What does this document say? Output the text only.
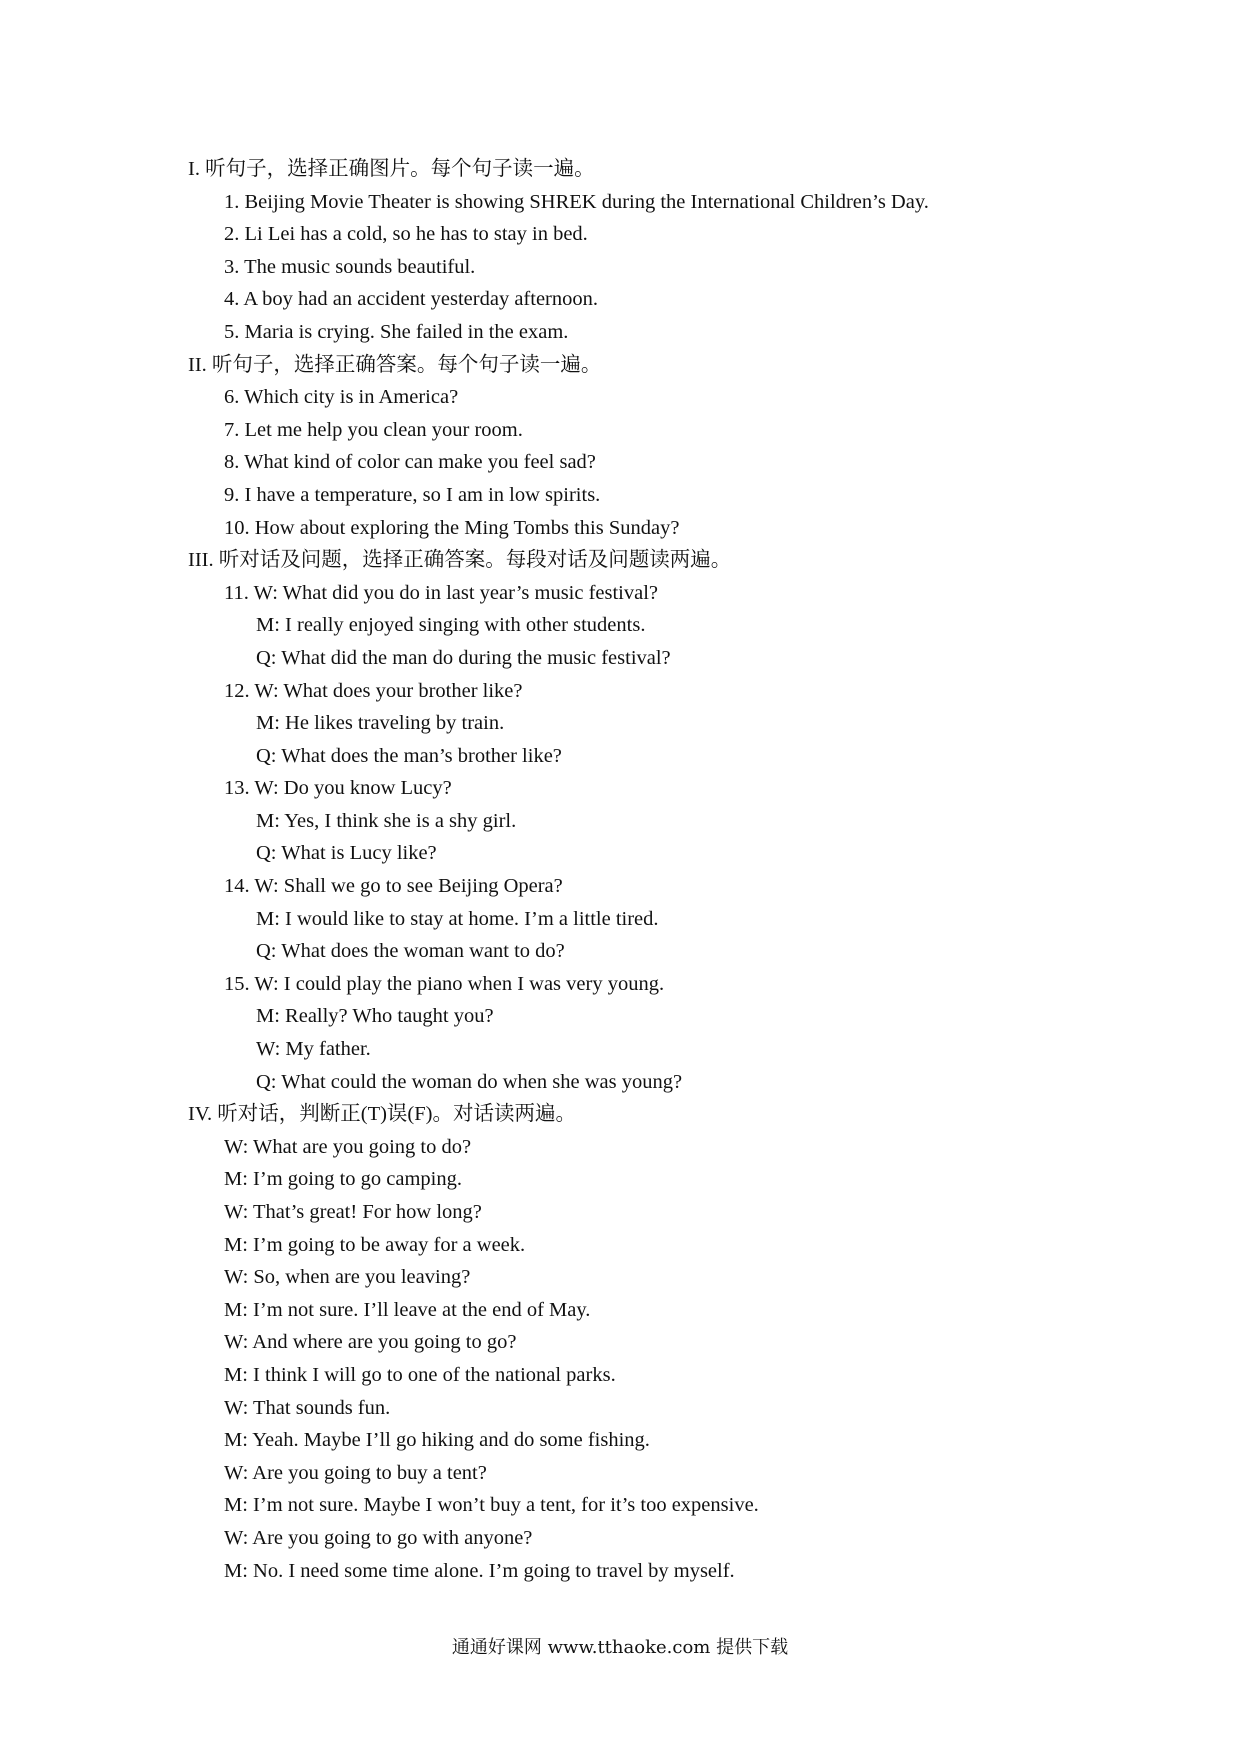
I. 听句子，选择正确图片。每个句子读一遍。
1. Beijing Movie Theater is showing SHREK during the International Children’s Day.
2. Li Lei has a cold, so he has to stay in bed.
3. The music sounds beautiful.
4. A boy had an accident yesterday afternoon.
5. Maria is crying. She failed in the exam.
II. 听句子，选择正确答案。每个句子读一遍。
6. Which city is in America?
7. Let me help you clean your room.
8. What kind of color can make you feel sad?
9. I have a temperature, so I am in low spirits.
10. How about exploring the Ming Tombs this Sunday?
III. 听对话及问题，选择正确答案。每段对话及问题读两遍。
11. W: What did you do in last year’s music festival?
M: I really enjoyed singing with other students.
Q: What did the man do during the music festival?
12. W: What does your brother like?
M: He likes traveling by train.
Q: What does the man’s brother like?
13. W: Do you know Lucy?
M: Yes, I think she is a shy girl.
Q: What is Lucy like?
14. W: Shall we go to see Beijing Opera?
M: I would like to stay at home. I’m a little tired.
Q: What does the woman want to do?
15. W: I could play the piano when I was very young.
M: Really? Who taught you?
W: My father.
Q: What could the woman do when she was young?
IV. 听对话，判断正(T)误(F)。对话读两遍。
W: What are you going to do?
M: I’m going to go camping.
W: That’s great! For how long?
M: I’m going to be away for a week.
W: So, when are you leaving?
M: I’m not sure. I’ll leave at the end of May.
W: And where are you going to go?
M: I think I will go to one of the national parks.
W: That sounds fun.
M: Yeah. Maybe I’ll go hiking and do some fishing.
W: Are you going to buy a tent?
M: I’m not sure. Maybe I won’t buy a tent, for it’s too expensive.
W: Are you going to go with anyone?
M: No. I need some time alone. I’m going to travel by myself.
通通好课网 www.tthaoke.com 提供下载
